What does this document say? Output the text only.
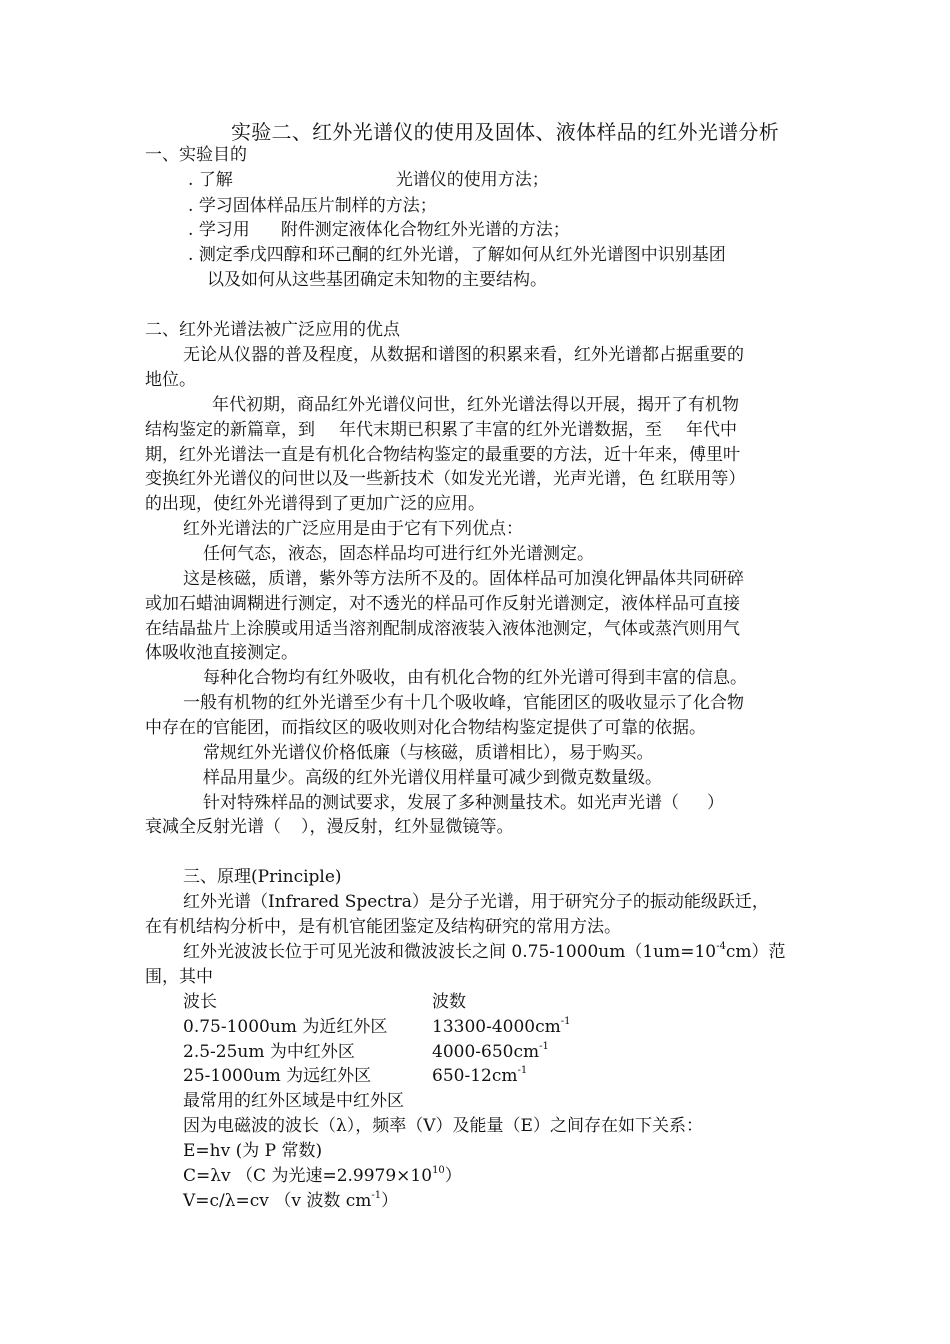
实验二、红外光谱仪的使用及固体、液体样品的红外光谱分析
一、实验目的
. 了解	光谱仪的使用方法；
. 学习固体样品压片制样的方法；
. 学习用 附件测定液体化合物红外光谱的方法；
. 测定季戊四醇和环己酮的红外光谱，了解如何从红外光谱图中识别基团
以及如何从这些基团确定未知物的主要结构。
二、红外光谱法被广泛应用的优点
无论从仪器的普及程度，从数据和谱图的积累来看，红外光谱都占据重要的
地位。
年代初期，商品红外光谱仪问世，红外光谱法得以开展，揭开了有机物
结构鉴定的新篇章，到 年代末期已积累了丰富的红外光谱数据，至 年代中
期，红外光谱法一直是有机化合物结构鉴定的最重要的方法，近十年来，傅里叶
变换红外光谱仪的问世以及一些新技术（如发光光谱，光声光谱，色 红联用等）
的出现，使红外光谱得到了更加广泛的应用。
红外光谱法的广泛应用是由于它有下列优点：
任何气态，液态，固态样品均可进行红外光谱测定。
这是核磁，质谱，紫外等方法所不及的。固体样品可加溴化钾晶体共同研碎
或加石蜡油调糊进行测定，对不透光的样品可作反射光谱测定，液体样品可直接
在结晶盐片上涂膜或用适当溶剂配制成溶液装入液体池测定，气体或蒸汽则用气
体吸收池直接测定。
每种化合物均有红外吸收，由有机化合物的红外光谱可得到丰富的信息。
一般有机物的红外光谱至少有十几个吸收峰，官能团区的吸收显示了化合物
中存在的官能团，而指纹区的吸收则对化合物结构鉴定提供了可靠的依据。
常规红外光谱仪价格低廉（与核磁，质谱相比），易于购买。
样品用量少。高级的红外光谱仪用样量可减少到微克数量级。
针对特殊样品的测试要求，发展了多种测量技术。如光声光谱（ ）
衰减全反射光谱（ ），漫反射，红外显微镜等。
三、原理(Principle)
红外光谱（Infrared Spectra）是分子光谱，用于研究分子的振动能级跃迁，
在有机结构分析中，是有机官能团鉴定及结构研究的常用方法。
红外光波波长位于可见光波和微波波长之间 $0.75-1000um(1um=10^{-4}cm)$范
围，其中
波长	波数
0.75-1000um 为近红外区	$13300-4000cm^{-1}$
2.5-25um 为中红外区	$4000-650cm^{-1}$
25-1000um 为远红外区	$650-12cm^{-1}$
最常用的红外区域是中红外区
因为电磁波的波长（λ），频率（V）及能量（E）之间存在如下关系：
E=hv (为 P 常数)
C=λv （C 为光速$=2.9979\times 10^{10}$）
V=c/λ=cv （v 波数 $cm^{-1}$）
